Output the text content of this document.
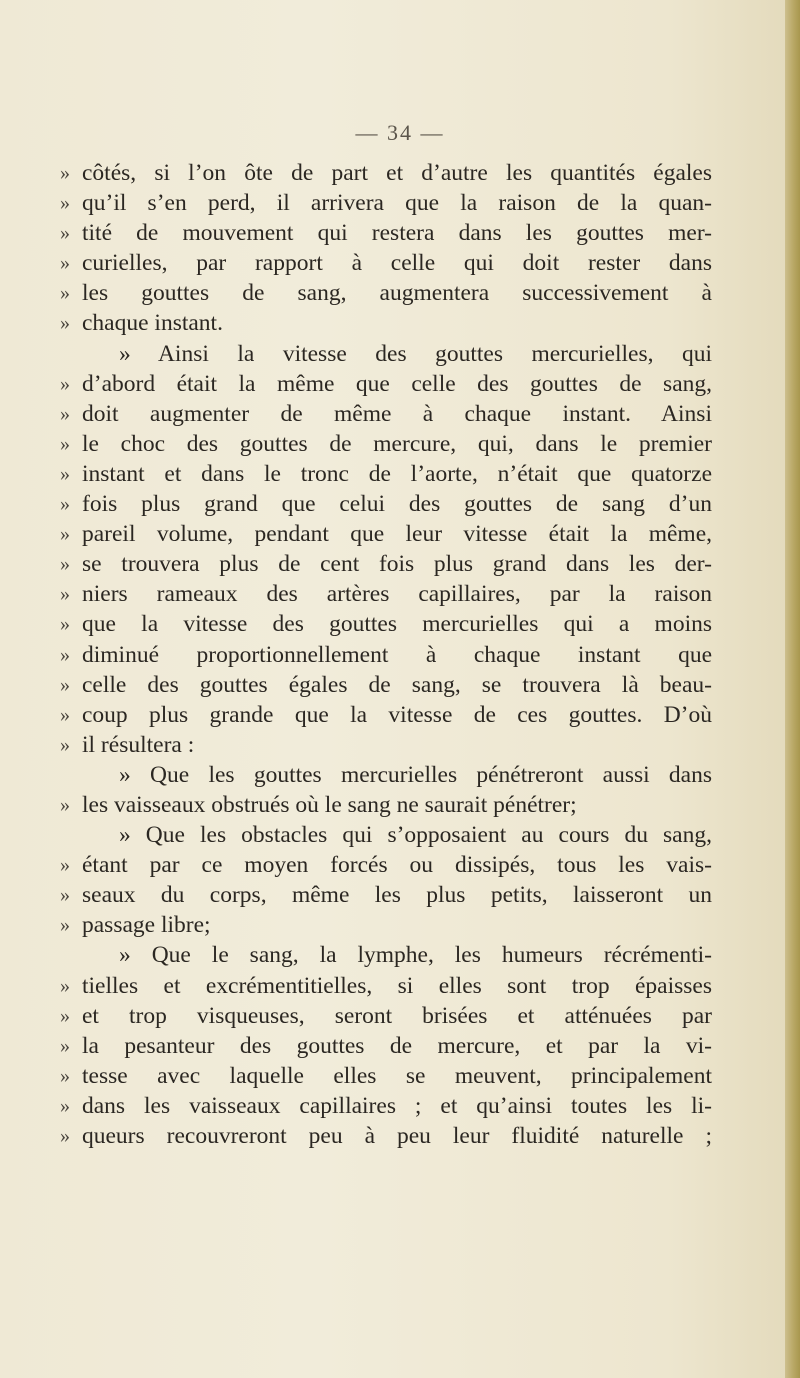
— 34 —
» côtés, si l’on ôte de part et d’autre les quantités égales
» qu’il s’en perd, il arrivera que la raison de la quan-
» tité de mouvement qui restera dans les gouttes mer-
» curielles, par rapport à celle qui doit rester dans
» les gouttes de sang, augmentera successivement à
» chaque instant.
» Ainsi la vitesse des gouttes mercurielles, qui
» d’abord était la même que celle des gouttes de sang,
» doit augmenter de même à chaque instant. Ainsi
» le choc des gouttes de mercure, qui, dans le premier
» instant et dans le tronc de l’aorte, n’était que quatorze
» fois plus grand que celui des gouttes de sang d’un
» pareil volume, pendant que leur vitesse était la même,
» se trouvera plus de cent fois plus grand dans les der-
» niers rameaux des artères capillaires, par la raison
» que la vitesse des gouttes mercurielles qui a moins
» diminué proportionnellement à chaque instant que
» celle des gouttes égales de sang, se trouvera là beau-
» coup plus grande que la vitesse de ces gouttes. D’où
» il résultera :
» Que les gouttes mercurielles pénétreront aussi dans
» les vaisseaux obstrués où le sang ne saurait pénétrer;
» Que les obstacles qui s’opposaient au cours du sang,
» étant par ce moyen forcés ou dissipés, tous les vais-
» seaux du corps, même les plus petits, laisseront un
» passage libre;
» Que le sang, la lymphe, les humeurs récrémenti-
» tielles et excrémentitielles, si elles sont trop épaisses
» et trop visqueuses, seront brisées et atténuées par
» la pesanteur des gouttes de mercure, et par la vi-
» tesse avec laquelle elles se meuvent, principalement
» dans les vaisseaux capillaires ; et qu’ainsi toutes les li-
» queurs recouvreront peu à peu leur fluidité naturelle ;
